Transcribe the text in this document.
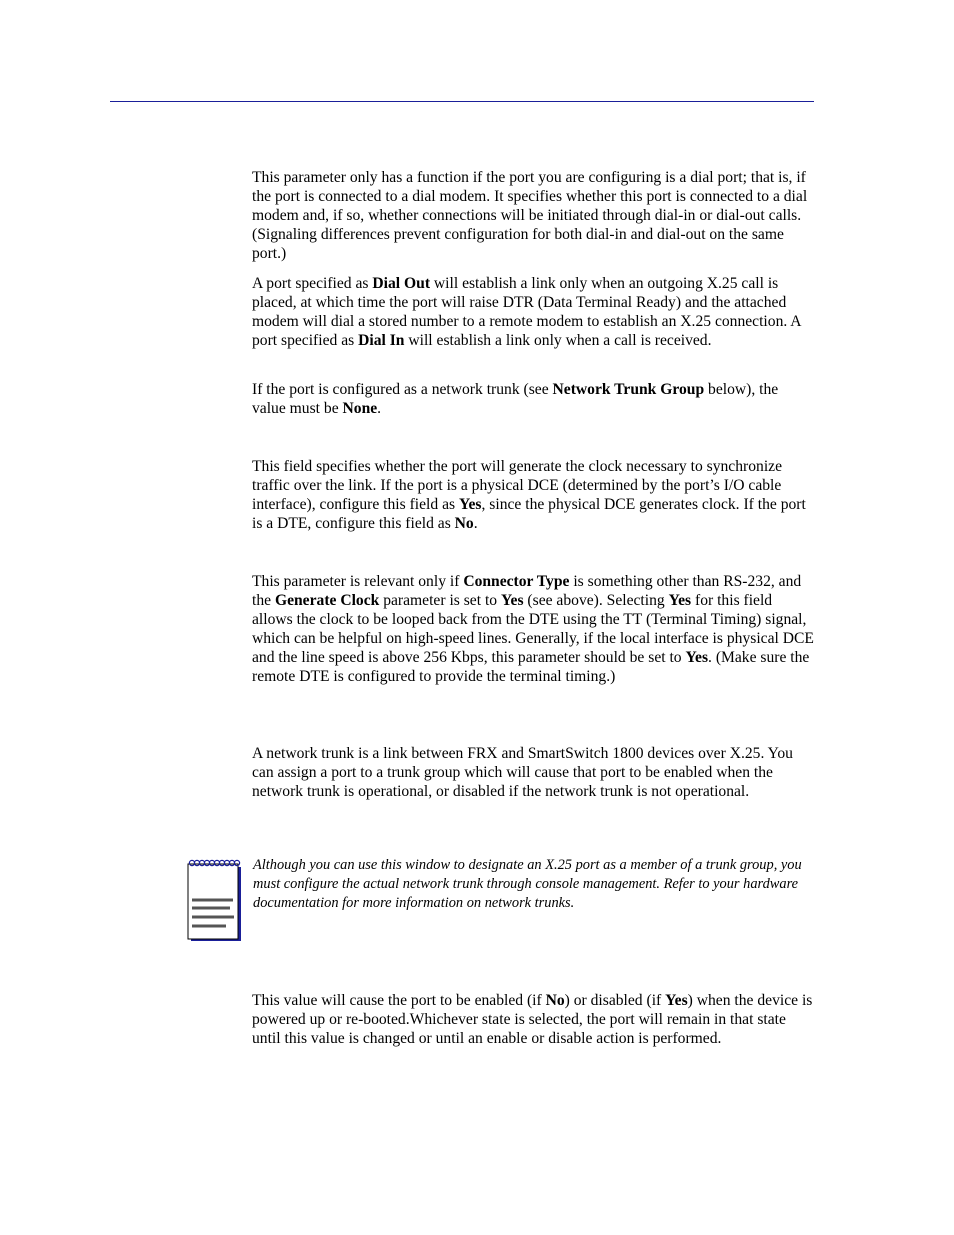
This parameter only has a function if the port you are configuring is a dial port; that is, if the port is connected to a dial modem. It specifies whether this port is connected to a dial modem and, if so, whether connections will be initiated through dial-in or dial-out calls. (Signaling differences prevent configuration for both dial-in and dial-out on the same port.)

A port specified as Dial Out will establish a link only when an outgoing X.25 call is placed, at which time the port will raise DTR (Data Terminal Ready) and the attached modem will dial a stored number to a remote modem to establish an X.25 connection. A port specified as Dial In will establish a link only when a call is received.

If the port is configured as a network trunk (see Network Trunk Group below), the value must be None.

This field specifies whether the port will generate the clock necessary to synchronize traffic over the link. If the port is a physical DCE (determined by the port’s I/O cable interface), configure this field as Yes, since the physical DCE generates clock. If the port is a DTE, configure this field as No.

This parameter is relevant only if Connector Type is something other than RS-232, and the Generate Clock parameter is set to Yes (see above). Selecting Yes for this field allows the clock to be looped back from the DTE using the TT (Terminal Timing) signal, which can be helpful on high-speed lines. Generally, if the local interface is physical DCE and the line speed is above 256 Kbps, this parameter should be set to Yes. (Make sure the remote DTE is configured to provide the terminal timing.)

A network trunk is a link between FRX and SmartSwitch 1800 devices over X.25. You can assign a port to a trunk group which will cause that port to be enabled when the network trunk is operational, or disabled if the network trunk is not operational.

Although you can use this window to designate an X.25 port as a member of a trunk group, you must configure the actual network trunk through console management. Refer to your hardware documentation for more information on network trunks.

This value will cause the port to be enabled (if No) or disabled (if Yes) when the device is powered up or re-booted.Whichever state is selected, the port will remain in that state until this value is changed or until an enable or disable action is performed.
